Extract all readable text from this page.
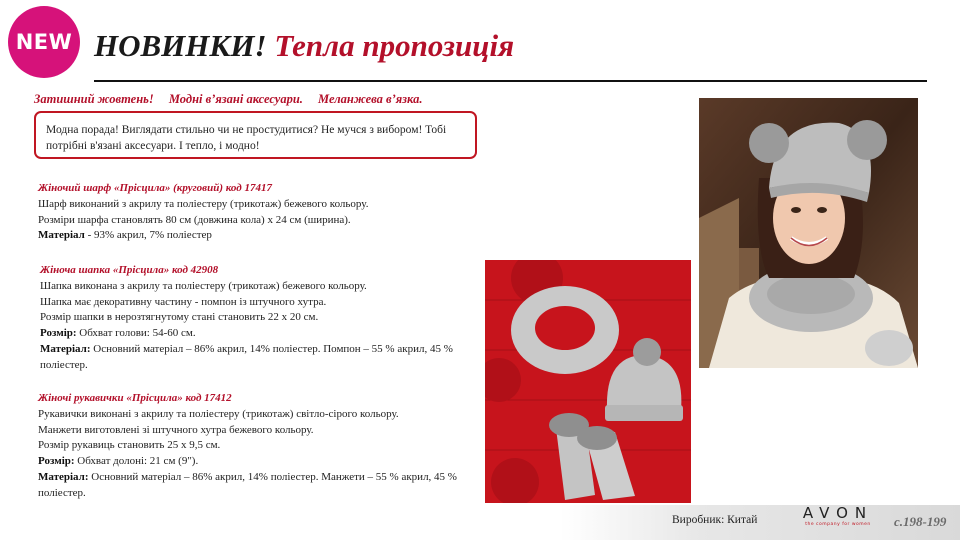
NEW НОВИНКИ! Тепла пропозиція
Затишний жовтень! Модні в’язані аксесуари. Меланжева в’язка.
Модна порада! Виглядати стильно чи не простудитися? Не мучся з вибором! Тобі потрібні в'язані аксесуари. І тепло, і модно!
Жіночий шарф «Прісцила» (круговий) код 17417
Шарф виконаний з акрилу та поліестеру (трикотаж) бежевого кольору.
Розміри шарфа становлять 80 см (довжина кола) x 24 см (ширина).
Матеріал - 93% акрил, 7% поліестер
Жіноча шапка «Прісцила» код 42908
Шапка виконана з акрилу та поліестеру (трикотаж) бежевого кольору.
Шапка має декоративну частину - помпон із штучного хутра.
Розмір шапки в нерозтягнутому стані становить 22 x 20 см.
Розмір: Обхват голови: 54-60 см.
Матеріал: Основний матеріал – 86% акрил, 14% поліестер. Помпон – 55 % акрил, 45 % поліестер.
Жіночі рукавички «Прісцила» код 17412
Рукавички виконані з акрилу та поліестеру (трикотаж) світло-сірого кольору.
Манжети виготовлені зі штучного хутра бежевого кольору.
Розмір рукавиць становить 25 x 9,5 см.
Розмір: Обхват долоні: 21 см (9").
Матеріал: Основний матеріал – 86% акрил, 14% поліестер. Манжети – 55 % акрил, 45 % поліестер.
Виробник: Китай	AVON
the company for women	с.198-199
